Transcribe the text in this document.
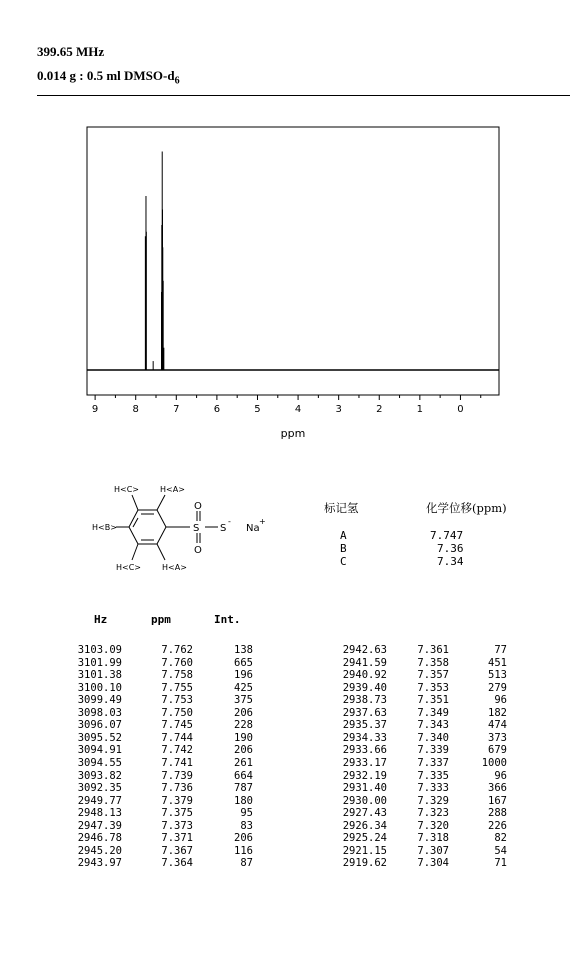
399.65 MHz
0.014 g : 0.5 ml DMSO-$d_6$
9	8	7	6	5	4	3	2	1	0
ppm
H<C>	H<A>
H<B>
H<C>	H<A>
S
O
O
S
-
Na
+
标记氢	化学位移(ppm)
A	7.747
B	7.36
C	7.34
Hz	ppm	Int.
3103.09	7.762	138
3101.99	7.760	665
3101.38	7.758	196
3100.10	7.755	425
3099.49	7.753	375
3098.03	7.750	206
3096.07	7.745	228
3095.52	7.744	190
3094.91	7.742	206
3094.55	7.741	261
3093.82	7.739	664
3092.35	7.736	787
2949.77	7.379	180
2948.13	7.375	95
2947.39	7.373	83
2946.78	7.371	206
2945.20	7.367	116
2943.97	7.364	87
2942.63	7.361	77
2941.59	7.358	451
2940.92	7.357	513
2939.40	7.353	279
2938.73	7.351	96
2937.63	7.349	182
2935.37	7.343	474
2934.33	7.340	373
2933.66	7.339	679
2933.17	7.337	1000
2932.19	7.335	96
2931.40	7.333	366
2930.00	7.329	167
2927.43	7.323	288
2926.34	7.320	226
2925.24	7.318	82
2921.15	7.307	54
2919.62	7.304	71
